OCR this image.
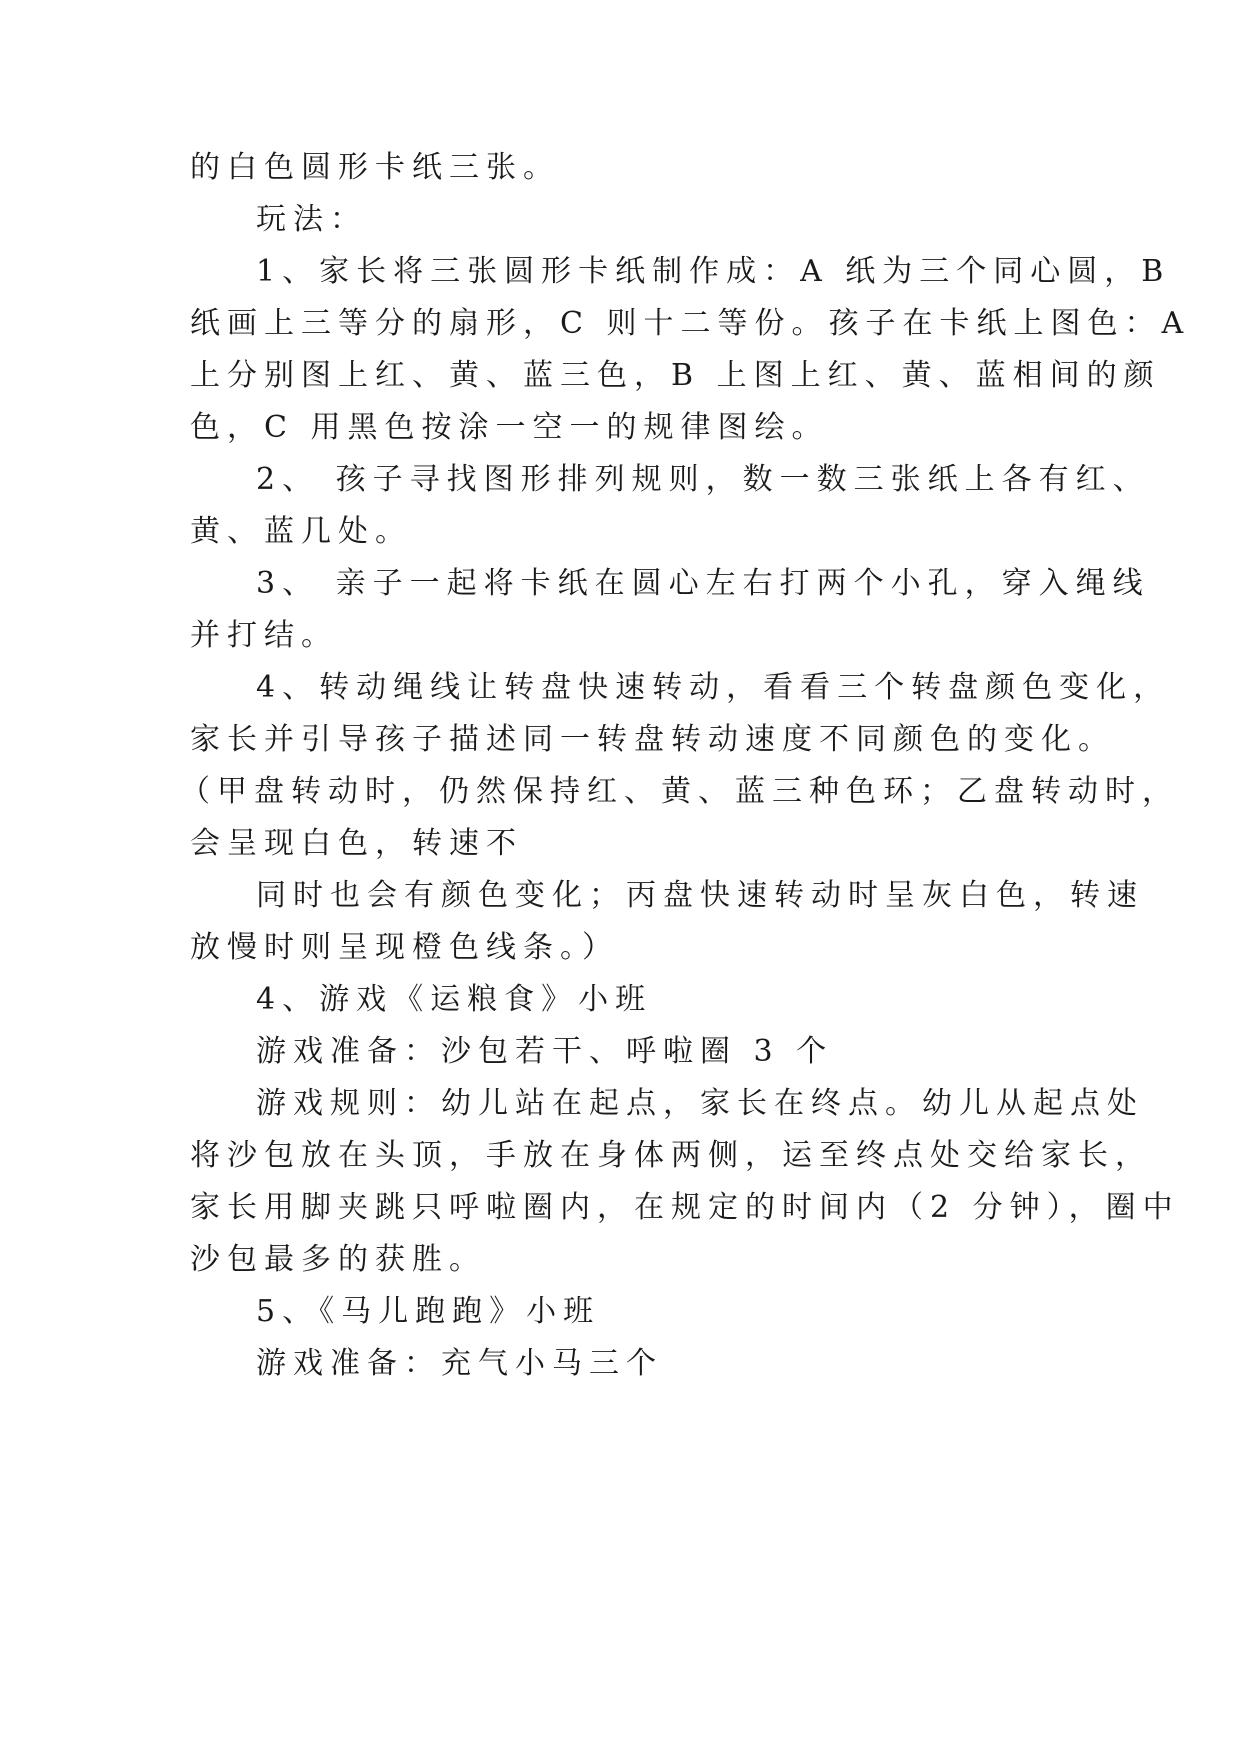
的白色圆形卡纸三张。
玩法：
1、家长将三张圆形卡纸制作成：A 纸为三个同心圆，B
纸画上三等分的扇形，C 则十二等份。孩子在卡纸上图色：A
上分别图上红、黄、蓝三色，B 上图上红、黄、蓝相间的颜
色，C 用黑色按涂一空一的规律图绘。
2、 孩子寻找图形排列规则，数一数三张纸上各有红、
黄、蓝几处。
3、 亲子一起将卡纸在圆心左右打两个小孔，穿入绳线
并打结。
4、转动绳线让转盘快速转动，看看三个转盘颜色变化，
家长并引导孩子描述同一转盘转动速度不同颜色的变化。
（甲盘转动时，仍然保持红、黄、蓝三种色环；乙盘转动时，
会呈现白色，转速不
同时也会有颜色变化；丙盘快速转动时呈灰白色，转速
放慢时则呈现橙色线条。）
4、游戏《运粮食》小班
游戏准备：沙包若干、呼啦圈 3 个
游戏规则：幼儿站在起点，家长在终点。幼儿从起点处
将沙包放在头顶，手放在身体两侧，运至终点处交给家长，
家长用脚夹跳只呼啦圈内，在规定的时间内（2 分钟），圈中
沙包最多的获胜。
5、《马儿跑跑》小班
游戏准备：充气小马三个
